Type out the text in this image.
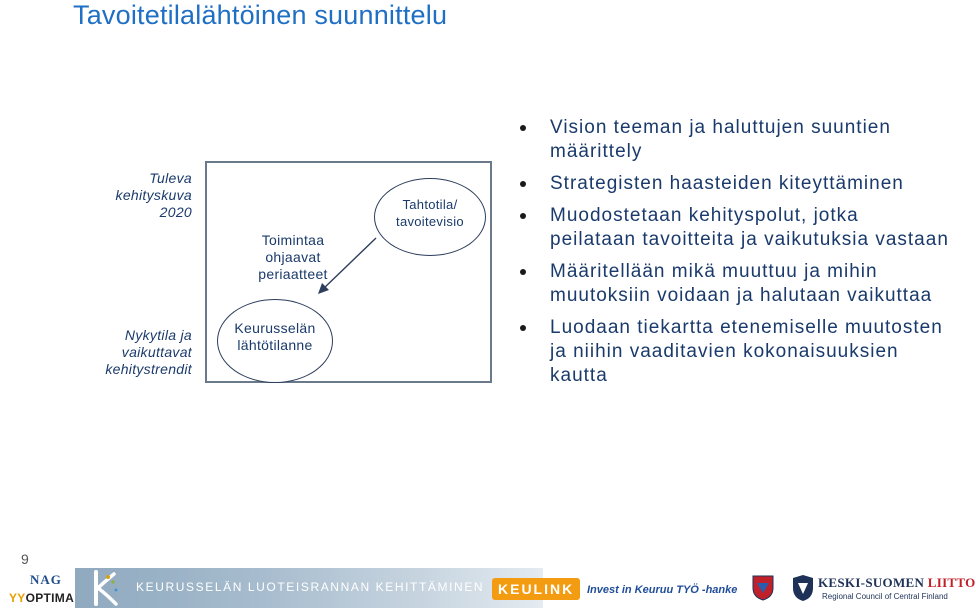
Tavoitetilalähtöinen suunnittelu
Tuleva
kehityskuva
2020
Nykytila ja
vaikuttavat
kehitystrendit
Tahtotila/
tavoitevisio
Toimintaa
ohjaavat
periaatteet
Keurusselän
lähtötilanne
Vision teeman ja haluttujen suuntien määrittely
Strategisten haasteiden kiteyttäminen
Muodostetaan kehityspolut, jotka peilataan tavoitteita ja vaikutuksia vastaan
Määritellään mikä muuttuu ja mihin muutoksiin voidaan ja halutaan vaikuttaa
Luodaan tiekartta etenemiselle muutosten ja niihin vaaditavien kokonaisuuksien kautta
9
NAG
YYOPTIMA
KEURUSSELÄN LUOTEISRANNAN KEHITTÄMINEN KEULINK	Invest in Keuruu TYÖ -hanke	KESKI-SUOMEN LIITTO
Regional Council of Central Finland
